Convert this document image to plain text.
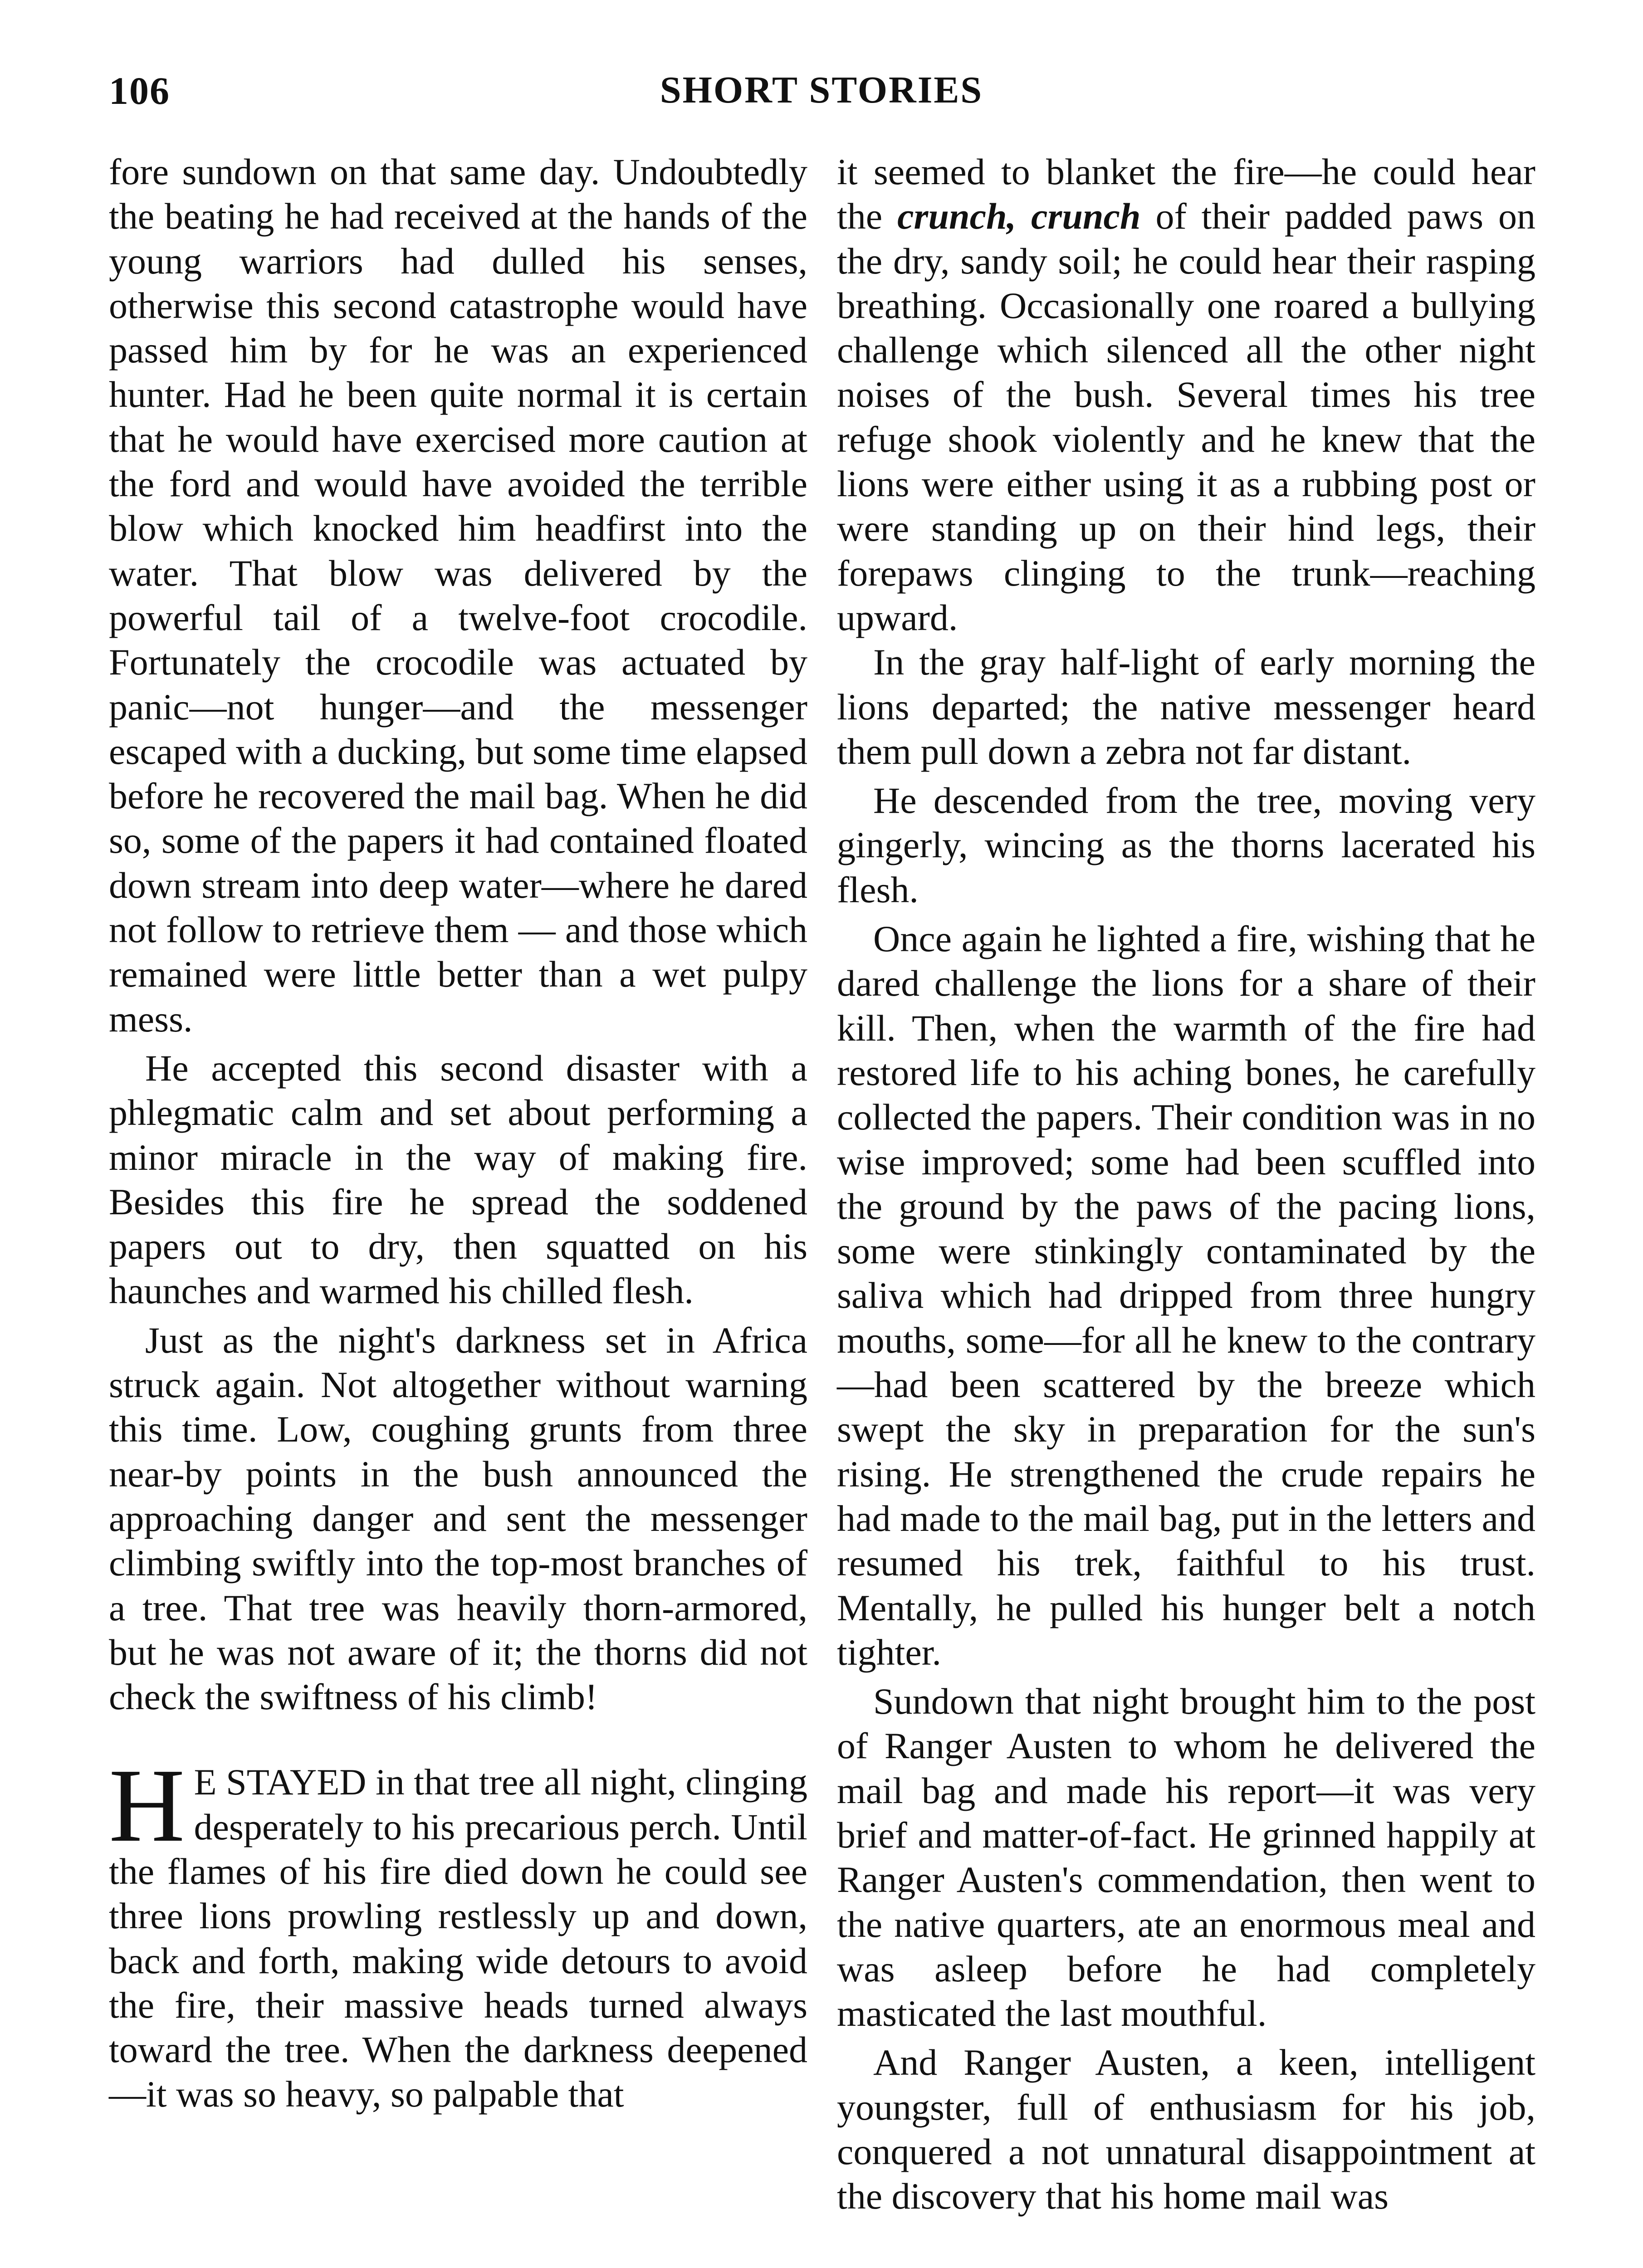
106	SHORT STORIES

fore sundown on that same day. Undoubtedly the beating he had received at the hands of the young warriors had dulled his senses, otherwise this second catastrophe would have passed him by for he was an experienced hunter. Had he been quite normal it is certain that he would have exercised more caution at the ford and would have avoided the terrible blow which knocked him headfirst into the water. That blow was delivered by the powerful tail of a twelve-foot crocodile. Fortunately the crocodile was actuated by panic—not hunger—and the messenger escaped with a ducking, but some time elapsed before he recovered the mail bag. When he did so, some of the papers it had contained floated down stream into deep water—where he dared not follow to retrieve them — and those which remained were little better than a wet pulpy mess.

He accepted this second disaster with a phlegmatic calm and set about performing a minor miracle in the way of making fire. Besides this fire he spread the soddened papers out to dry, then squatted on his haunches and warmed his chilled flesh.

Just as the night's darkness set in Africa struck again. Not altogether without warning this time. Low, coughing grunts from three near-by points in the bush announced the approaching danger and sent the messenger climbing swiftly into the top-most branches of a tree. That tree was heavily thorn-armored, but he was not aware of it; the thorns did not check the swiftness of his climb!

H E STAYED in that tree all night, clinging desperately to his precarious perch. Until the flames of his fire died down he could see three lions prowling restlessly up and down, back and forth, making wide detours to avoid the fire, their massive heads turned always toward the tree. When the darkness deepened—it was so heavy, so palpable that

it seemed to blanket the fire—he could hear the crunch, crunch of their padded paws on the dry, sandy soil; he could hear their rasping breathing. Occasionally one roared a bullying challenge which silenced all the other night noises of the bush. Several times his tree refuge shook violently and he knew that the lions were either using it as a rubbing post or were standing up on their hind legs, their forepaws clinging to the trunk—reaching upward.

In the gray half-light of early morning the lions departed; the native messenger heard them pull down a zebra not far distant.

He descended from the tree, moving very gingerly, wincing as the thorns lacerated his flesh.

Once again he lighted a fire, wishing that he dared challenge the lions for a share of their kill. Then, when the warmth of the fire had restored life to his aching bones, he carefully collected the papers. Their condition was in no wise improved; some had been scuffled into the ground by the paws of the pacing lions, some were stinkingly contaminated by the saliva which had dripped from three hungry mouths, some—for all he knew to the contrary—had been scattered by the breeze which swept the sky in preparation for the sun's rising. He strengthened the crude repairs he had made to the mail bag, put in the letters and resumed his trek, faithful to his trust. Mentally, he pulled his hunger belt a notch tighter.

Sundown that night brought him to the post of Ranger Austen to whom he delivered the mail bag and made his report—it was very brief and matter-of-fact. He grinned happily at Ranger Austen's commendation, then went to the native quarters, ate an enormous meal and was asleep before he had completely masticated the last mouthful.

And Ranger Austen, a keen, intelligent youngster, full of enthusiasm for his job, conquered a not unnatural disappointment at the discovery that his home mail was
